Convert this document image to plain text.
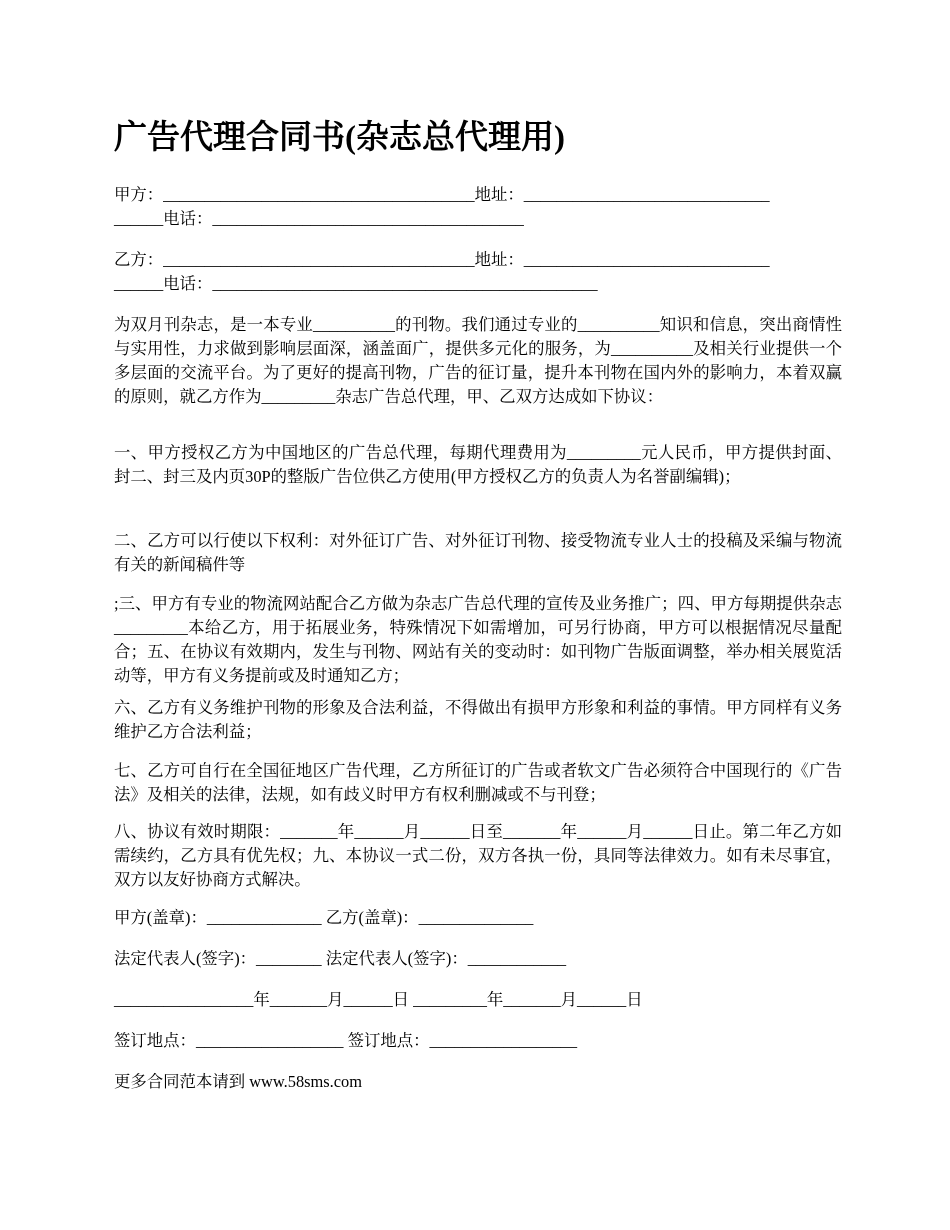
广告代理合同书(杂志总代理用)

甲方：______________________________________地址：______________________________

______电话：______________________________________

乙方：______________________________________地址：______________________________

______电话：_______________________________________________

为双月刊杂志，是一本专业__________的刊物。我们通过专业的__________知识和信息，突出商情性与实用性，力求做到影响层面深，涵盖面广，提供多元化的服务，为__________及相关行业提供一个多层面的交流平台。为了更好的提高刊物，广告的征订量，提升本刊物在国内外的影响力，本着双赢的原则，就乙方作为_________杂志广告总代理，甲、乙双方达成如下协议：

一、甲方授权乙方为中国地区的广告总代理，每期代理费用为_________元人民币，甲方提供封面、封二、封三及内页30P的整版广告位供乙方使用(甲方授权乙方的负责人为名誉副编辑)；

二、乙方可以行使以下权利：对外征订广告、对外征订刊物、接受物流专业人士的投稿及采编与物流有关的新闻稿件等

;三、甲方有专业的物流网站配合乙方做为杂志广告总代理的宣传及业务推广；四、甲方每期提供杂志_________本给乙方，用于拓展业务，特殊情况下如需增加，可另行协商，甲方可以根据情况尽量配合；五、在协议有效期内，发生与刊物、网站有关的变动时：如刊物广告版面调整，举办相关展览活动等，甲方有义务提前或及时通知乙方；

六、乙方有义务维护刊物的形象及合法利益，不得做出有损甲方形象和利益的事情。甲方同样有义务维护乙方合法利益；

七、乙方可自行在全国征地区广告代理，乙方所征订的广告或者软文广告必须符合中国现行的《广告法》及相关的法律，法规，如有歧义时甲方有权利删减或不与刊登；

八、协议有效时期限：_______年______月______日至_______年______月______日止。第二年乙方如需续约，乙方具有优先权；九、本协议一式二份，双方各执一份，具同等法律效力。如有未尽事宜，双方以友好协商方式解决。

甲方(盖章)：______________ 乙方(盖章)：______________

法定代表人(签字)：________ 法定代表人(签字)：____________

_________________年_______月______日 _________年_______月______日

签订地点：__________________ 签订地点：__________________

更多合同范本请到 www.58sms.com
